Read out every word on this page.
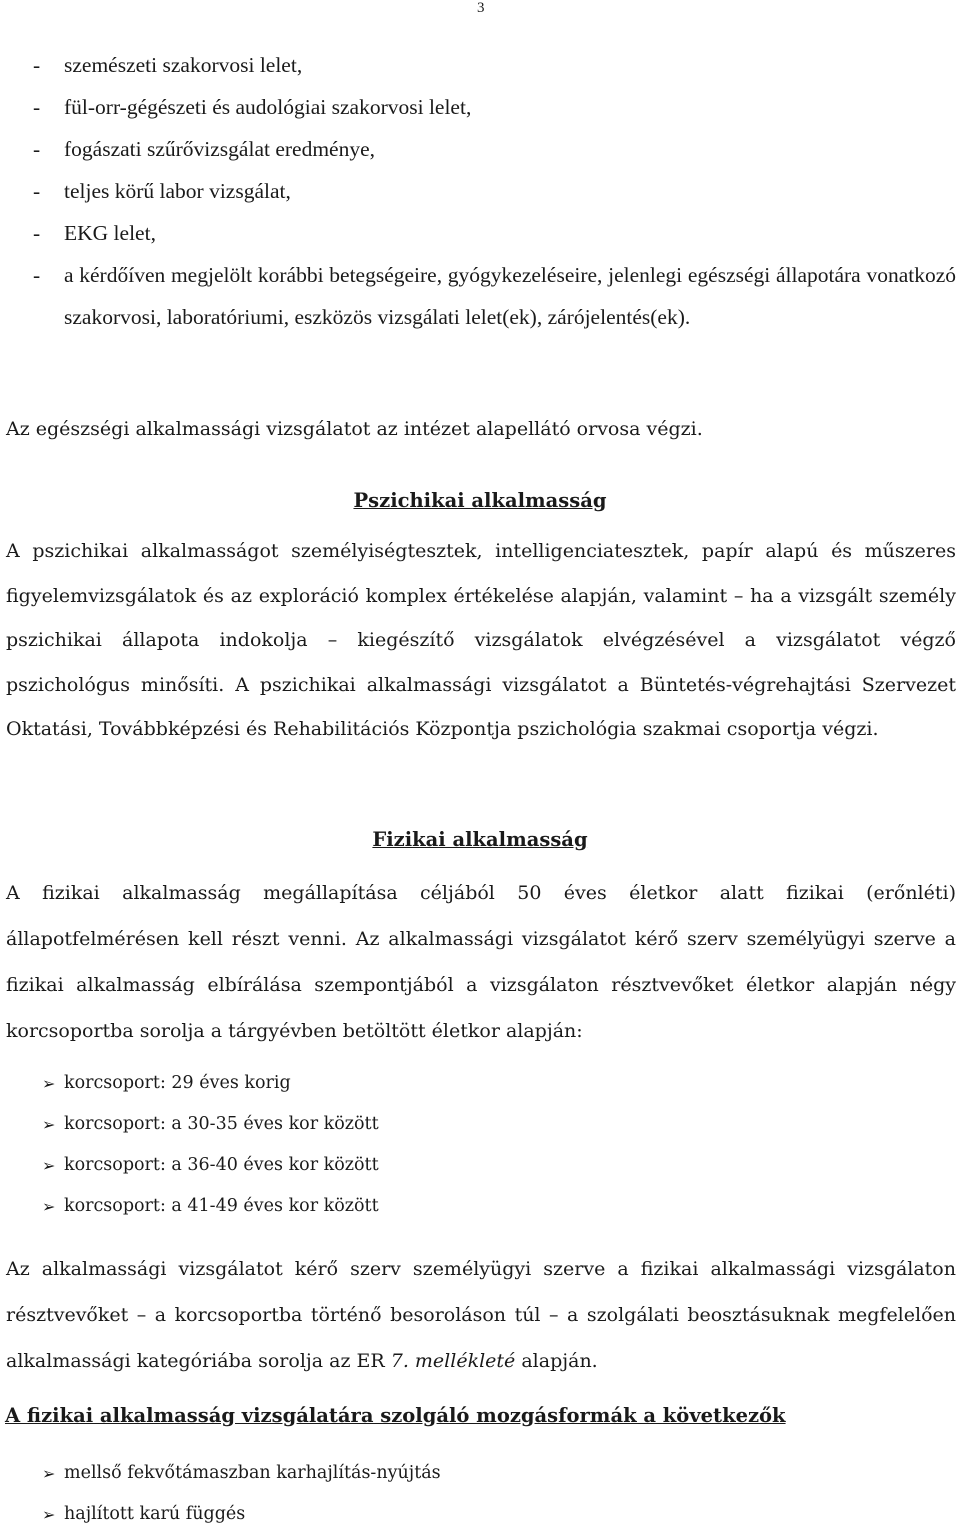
3
- szemészeti szakorvosi lelet,
- fül-orr-gégészeti és audológiai szakorvosi lelet,
- fogászati szűrővizsgálat eredménye,
- teljes körű labor vizsgálat,
- EKG lelet,
- a kérdőíven megjelölt korábbi betegségeire, gyógykezeléseire, jelenlegi egészségi állapotára vonatkozó szakorvosi, laboratóriumi, eszközös vizsgálati lelet(ek), zárójelentés(ek).

Az egészségi alkalmassági vizsgálatot az intézet alapellátó orvosa végzi.

Pszichikai alkalmasság

A pszichikai alkalmasságot személyiségtesztek, intelligenciatesztek, papír alapú és műszeres figyelemvizsgálatok és az exploráció komplex értékelése alapján, valamint – ha a vizsgált személy pszichikai állapota indokolja – kiegészítő vizsgálatok elvégzésével a vizsgálatot végző pszichológus minősíti. A pszichikai alkalmassági vizsgálatot a Büntetés-végrehajtási Szervezet Oktatási, Továbbképzési és Rehabilitációs Központja pszichológia szakmai csoportja végzi.

Fizikai alkalmasság

A fizikai alkalmasság megállapítása céljából 50 éves életkor alatt fizikai (erőnléti) állapotfelmérésen kell részt venni. Az alkalmassági vizsgálatot kérő szerv személyügyi szerve a fizikai alkalmasság elbírálása szempontjából a vizsgálaton résztvevőket életkor alapján négy korcsoportba sorolja a tárgyévben betöltött életkor alapján:

➢ korcsoport: 29 éves korig
➢ korcsoport: a 30-35 éves kor között
➢ korcsoport: a 36-40 éves kor között
➢ korcsoport: a 41-49 éves kor között

Az alkalmassági vizsgálatot kérő szerv személyügyi szerve a fizikai alkalmassági vizsgálaton résztvevőket – a korcsoportba történő besoroláson túl – a szolgálati beosztásuknak megfelelően alkalmassági kategóriába sorolja az ER 7. mellékleté alapján.

A fizikai alkalmasság vizsgálatára szolgáló mozgásformák a következők
➢ mellső fekvőtámaszban karhajlítás-nyújtás
➢ hajlított karú függés
